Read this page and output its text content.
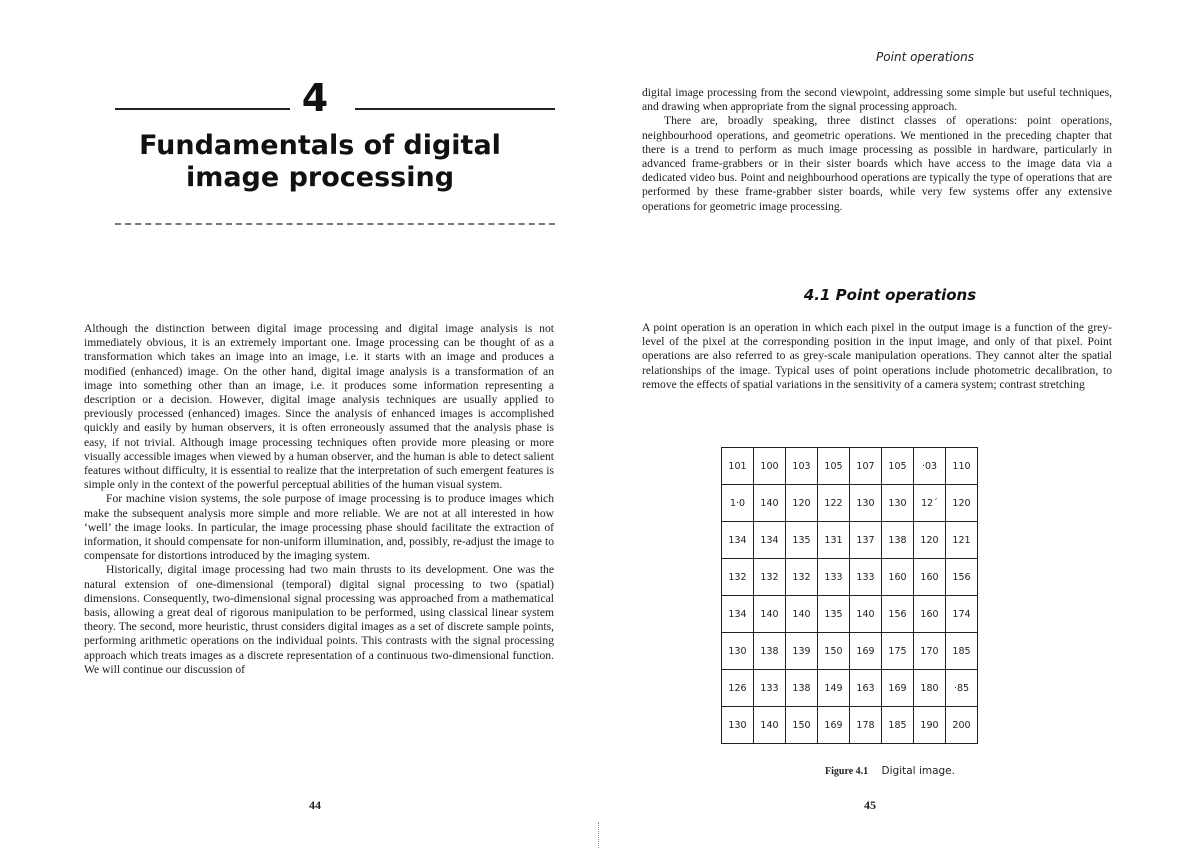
4
Fundamentals of digital
image processing

Although the distinction between digital image processing and digital image analysis is not immediately obvious, it is an extremely important one. Image processing can be thought of as a transformation which takes an image into an image, i.e. it starts with an image and produces a modified (enhanced) image. On the other hand, digital image analysis is a transformation of an image into something other than an image, i.e. it produces some information representing a description or a decision. However, digital image analysis techniques are usually applied to previously processed (enhanced) images. Since the analysis of enhanced images is accomplished quickly and easily by human observers, it is often erroneously assumed that the analysis phase is easy, if not trivial. Although image processing techniques often provide more pleasing or more visually accessible images when viewed by a human observer, and the human is able to detect salient features without difficulty, it is essential to realize that the interpretation of such emergent features is simple only in the context of the powerful perceptual abilities of the human visual system.

For machine vision systems, the sole purpose of image processing is to produce images which make the subsequent analysis more simple and more reliable. We are not at all interested in how ‘well’ the image looks. In particular, the image processing phase should facilitate the extraction of information, it should compensate for non-uniform illumination, and, possibly, re-adjust the image to compensate for distortions introduced by the imaging system.

Historically, digital image processing had two main thrusts to its development. One was the natural extension of one-dimensional (temporal) digital signal processing to two (spatial) dimensions. Consequently, two-dimensional signal processing was approached from a mathematical basis, allowing a great deal of rigorous manipulation to be performed, using classical linear system theory. The second, more heuristic, thrust considers digital images as a set of discrete sample points, performing arithmetic operations on the individual points. This contrasts with the signal processing approach which treats images as a discrete representation of a continuous two-dimensional function. We will continue our discussion of

44
Point operations

digital image processing from the second viewpoint, addressing some simple but useful techniques, and drawing when appropriate from the signal processing approach.

There are, broadly speaking, three distinct classes of operations: point operations, neighbourhood operations, and geometric operations. We mentioned in the preceding chapter that there is a trend to perform as much image processing as possible in hardware, particularly in advanced frame-grabbers or in their sister boards which have access to the image data via a dedicated video bus. Point and neighbourhood operations are typically the type of operations that are performed by these frame-grabber sister boards, while very few systems offer any extensive operations for geometric image processing.

4.1 Point operations

A point operation is an operation in which each pixel in the output image is a function of the grey-level of the pixel at the corresponding position in the input image, and only of that pixel. Point operations are also referred to as grey-scale manipulation operations. They cannot alter the spatial relationships of the image. Typical uses of point operations include photometric decalibration, to remove the effects of spatial variations in the sensitivity of a camera system; contrast stretching

101	100	103	105	107	105	·03	110
1·0	140	120	122	130	130	12´	120
134	134	135	131	137	138	120	121
132	132	132	133	133	160	160	156
134	140	140	135	140	156	160	174
130	138	139	150	169	175	170	185
126	133	138	149	163	169	180	·85
130	140	150	169	178	185	190	200
Figure 4.1 Digital image.
45
